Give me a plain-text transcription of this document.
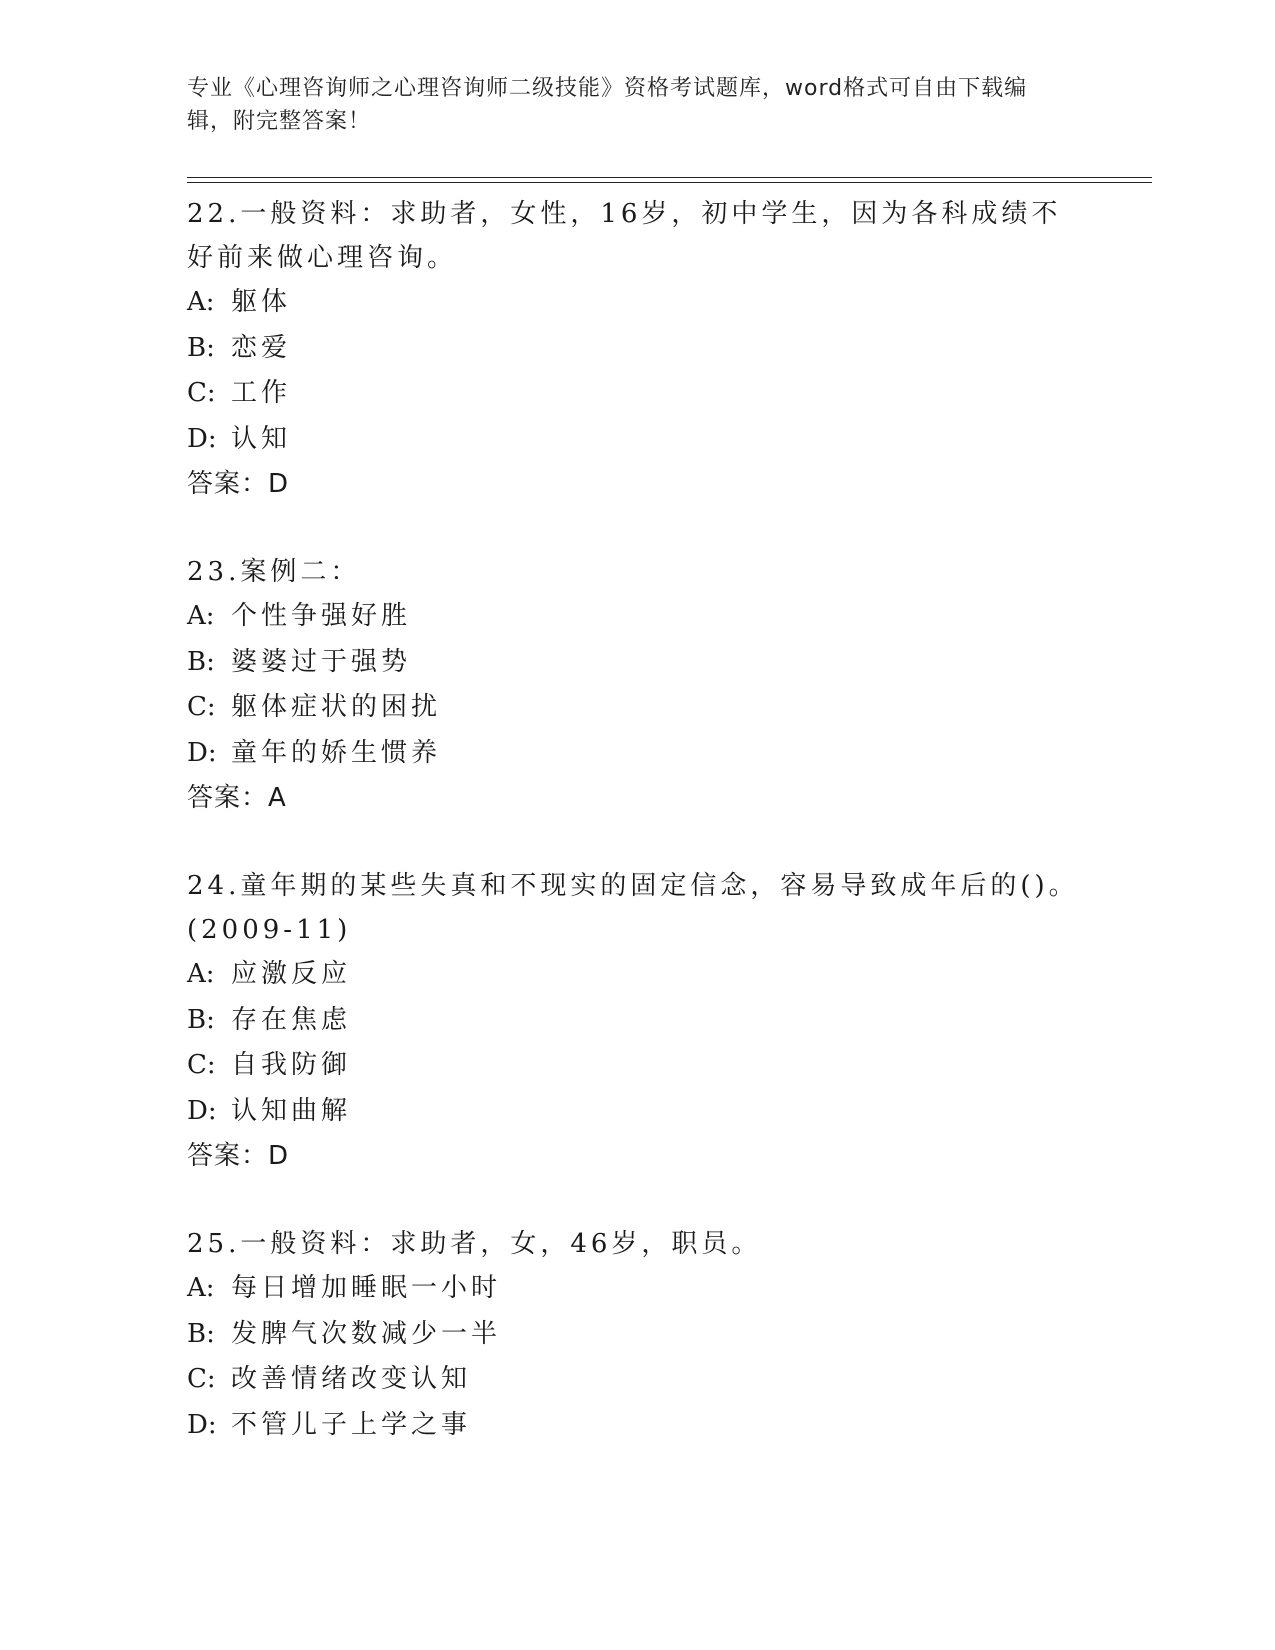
专业《心理咨询师之心理咨询师二级技能》资格考试题库，word格式可自由下载编辑，附完整答案！
22.一般资料：求助者，女性，16岁，初中学生，因为各科成绩不好前来做心理咨询。
A: 躯体
B: 恋爱
C: 工作
D: 认知
答案：D
23.案例二：
A: 个性争强好胜
B: 婆婆过于强势
C: 躯体症状的困扰
D: 童年的娇生惯养
答案：A
24.童年期的某些失真和不现实的固定信念，容易导致成年后的()。(2009-11)
A: 应激反应
B: 存在焦虑
C: 自我防御
D: 认知曲解
答案：D
25.一般资料：求助者，女，46岁，职员。
A: 每日增加睡眠一小时
B: 发脾气次数减少一半
C: 改善情绪改变认知
D: 不管儿子上学之事
